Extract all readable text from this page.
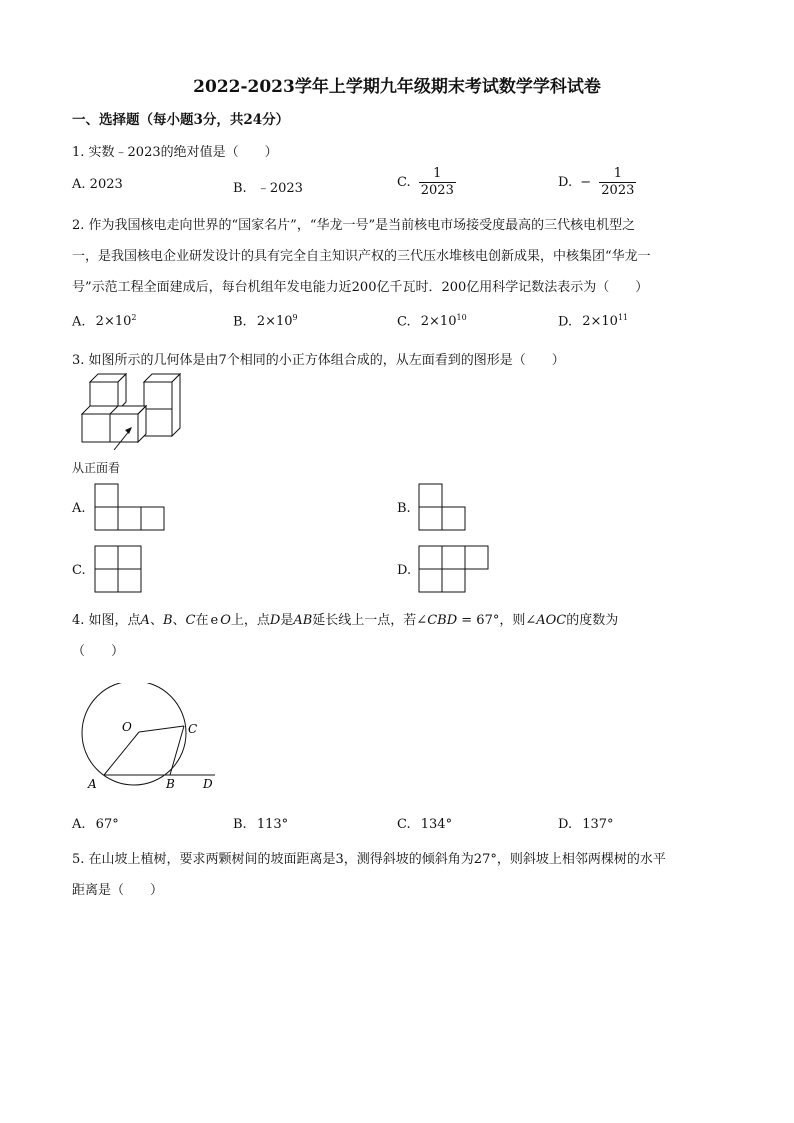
2022-2023学年上学期九年级期末考试数学学科试卷
一、选择题（每小题3分，共24分）
1. 实数﹣2023的绝对值是（　　）
A. 2023	B. ﹣2023	C. $\frac{1}{2023}$	D. − $\frac{1}{2023}$
2. 作为我国核电走向世界的“国家名片”，“华龙一号”是当前核电市场接受度最高的三代核电机型之
一，是我国核电企业研发设计的具有完全自主知识产权的三代压水堆核电创新成果，中核集团“华龙一
号”示范工程全面建成后，每台机组年发电能力近200亿千瓦时．200亿用科学记数法表示为（　　）
A. $2\times 10^2$	B. $2\times 10^9$	C. $2\times 10^{10}$	D. $2\times 10^{11}$
3. 如图所示的几何体是由7个相同的小正方体组合成的，从左面看到的图形是（　　）
从正面看
A.	B.
C.	D.
4. 如图，点A、B、C在 e O上，点D是AB延长线上一点，若∠CBD = 67°，则∠AOC的度数为
（　　）
O	C
A	B D
A. 67°	B. 113°	C. 134°	D. 137°
5. 在山坡上植树，要求两颗树间的坡面距离是3，测得斜坡的倾斜角为27°，则斜坡上相邻两棵树的水平
距离是（　　）
